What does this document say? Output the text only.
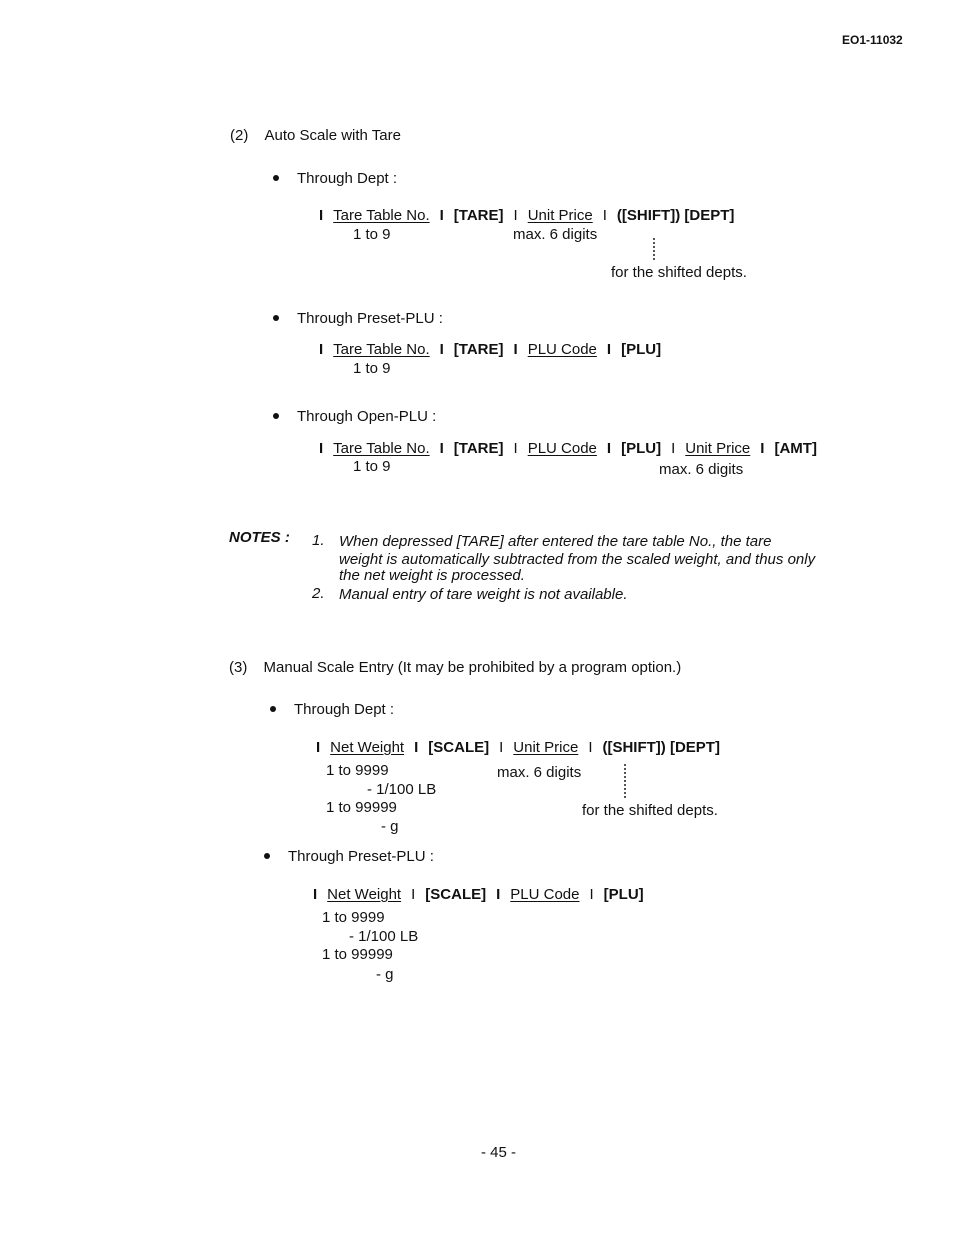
EO1-11032
(2) Auto Scale with Tare
Through Dept :
I Tare Table No. I [TARE] I Unit Price I ([SHIFT]) [DEPT]
1 to 9	max. 6 digits
for the shifted depts.
Through Preset-PLU :
I Tare Table No. I [TARE] I PLU Code I [PLU]
1 to 9
Through Open-PLU :
I Tare Table No. I [TARE] I PLU Code I [PLU] I Unit Price I [AMT]
1 to 9	max. 6 digits
NOTES : 1. When depressed [TARE] after entered the tare table No., the tare
weight is automatically subtracted from the scaled weight, and thus only
the net weight is processed.
2. Manual entry of tare weight is not available.
(3) Manual Scale Entry (It may be prohibited by a program option.)
Through Dept :
I Net Weight I [SCALE] I Unit Price I ([SHIFT]) [DEPT]
1 to 9999
- 1/100 LB
1 to 99999
- g
max. 6 digits
for the shifted depts.
Through Preset-PLU :
I Net Weight I [SCALE] I PLU Code I [PLU]
1 to 9999
- 1/100 LB
1 to 99999
- g
- 45 -
